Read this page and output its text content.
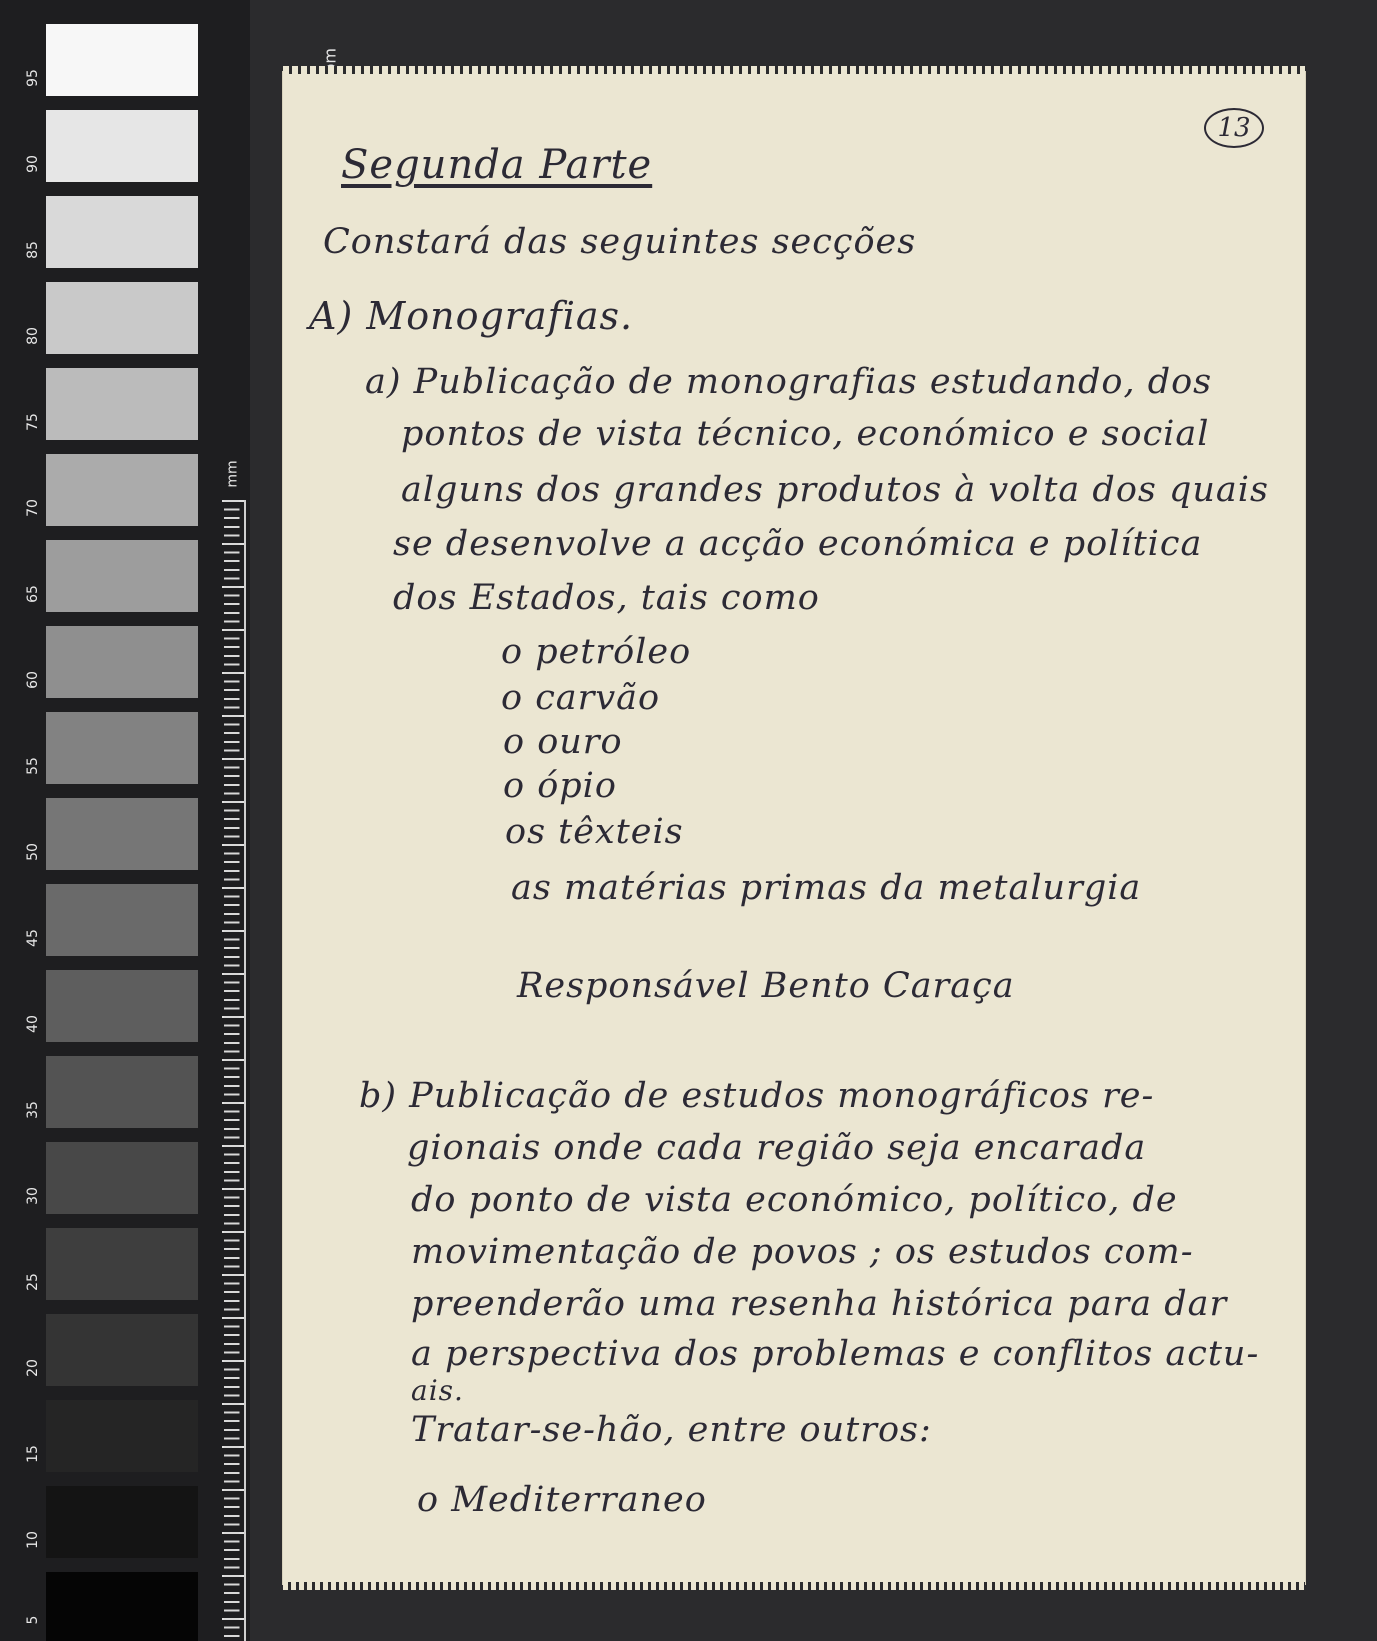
95
90
85
80
75
70
65
60
55
50
45
40
35
30
25
20
15
10
5
mm
13
Segunda Parte
Constará das seguintes secções
A) Monografias.
a) Publicação de monografias estudando, dos
pontos de vista técnico, económico e social
alguns dos grandes produtos à volta dos quais
se desenvolve a acção económica e política
dos Estados, tais como
o petróleo
o carvão
o ouro
o ópio
os têxteis
as matérias primas da metalurgia
Responsável Bento Caraça
b) Publicação de estudos monográficos re-
gionais onde cada região seja encarada
do ponto de vista económico, político, de
movimentação de povos ; os estudos com-
preenderão uma resenha histórica para dar
a perspectiva dos problemas e conflitos actu-
ais.
Tratar-se-hão, entre outros:
o Mediterraneo
